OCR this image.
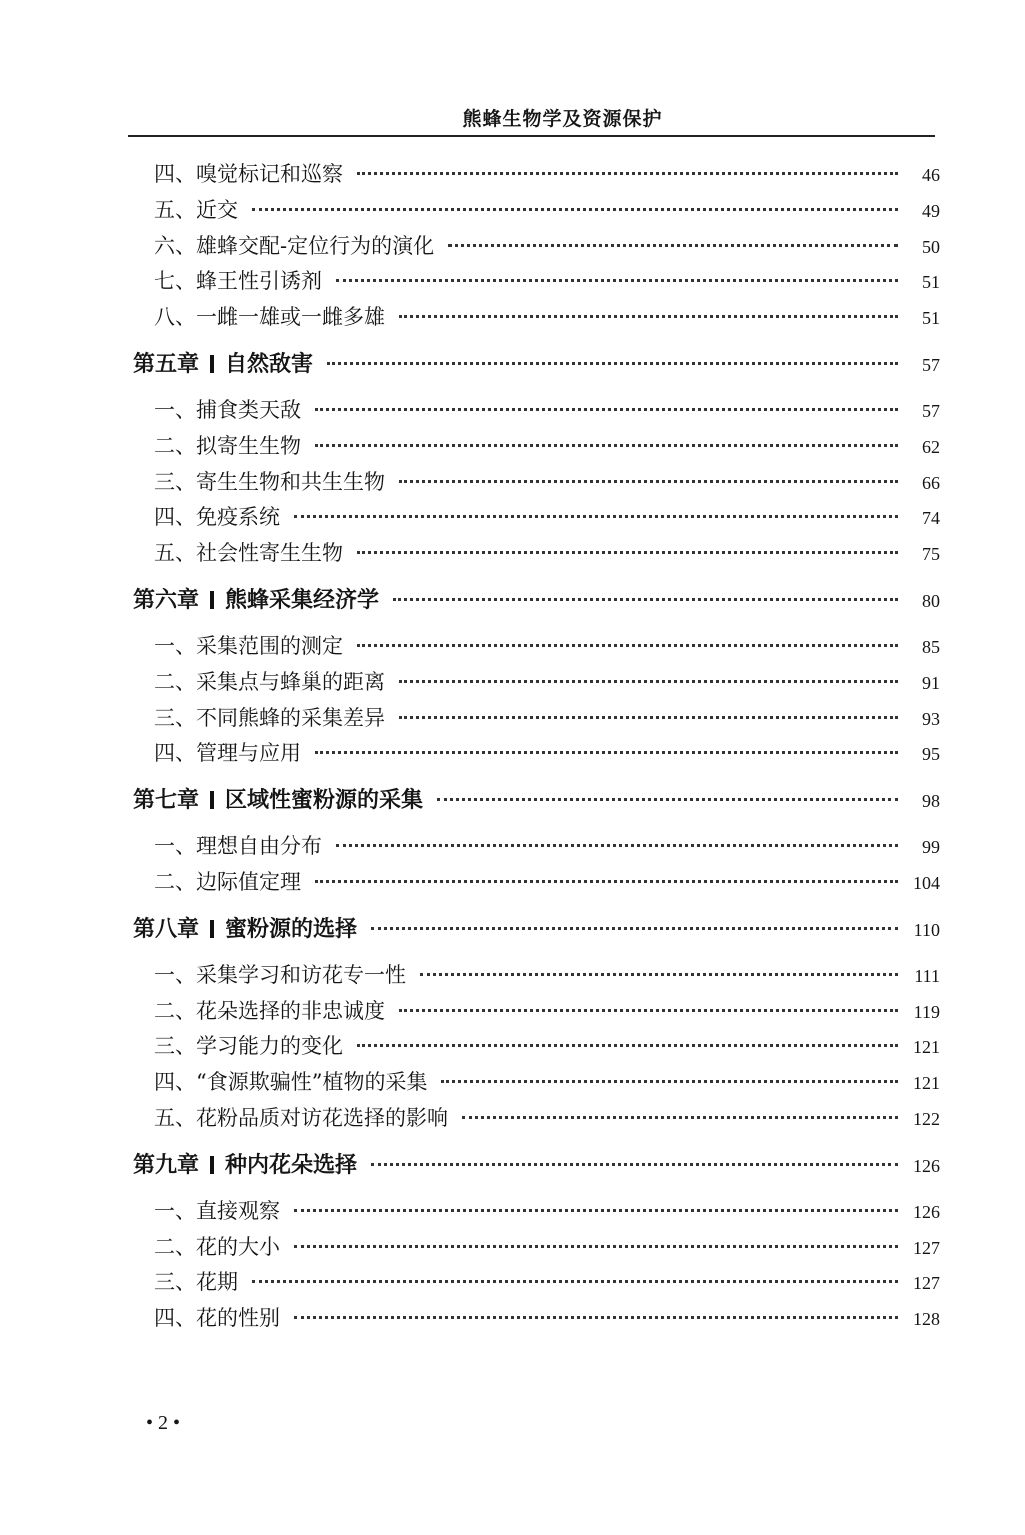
熊蜂生物学及资源保护
四、嗅觉标记和巡察	46
五、近交	49
六、雄蜂交配-定位行为的演化	50
七、蜂王性引诱剂	51
八、一雌一雄或一雌多雄	51
第五章 自然敌害	57
一、捕食类天敌	57
二、拟寄生生物	62
三、寄生生物和共生生物	66
四、免疫系统	74
五、社会性寄生生物	75
第六章 熊蜂采集经济学	80
一、采集范围的测定	85
二、采集点与蜂巢的距离	91
三、不同熊蜂的采集差异	93
四、管理与应用	95
第七章 区域性蜜粉源的采集	98
一、理想自由分布	99
二、边际值定理	104
第八章 蜜粉源的选择	110
一、采集学习和访花专一性	111
二、花朵选择的非忠诚度	119
三、学习能力的变化	121
四、“食源欺骗性”植物的采集	121
五、花粉品质对访花选择的影响	122
第九章 种内花朵选择	126
一、直接观察	126
二、花的大小	127
三、花期	127
四、花的性别	128
• 2 •
